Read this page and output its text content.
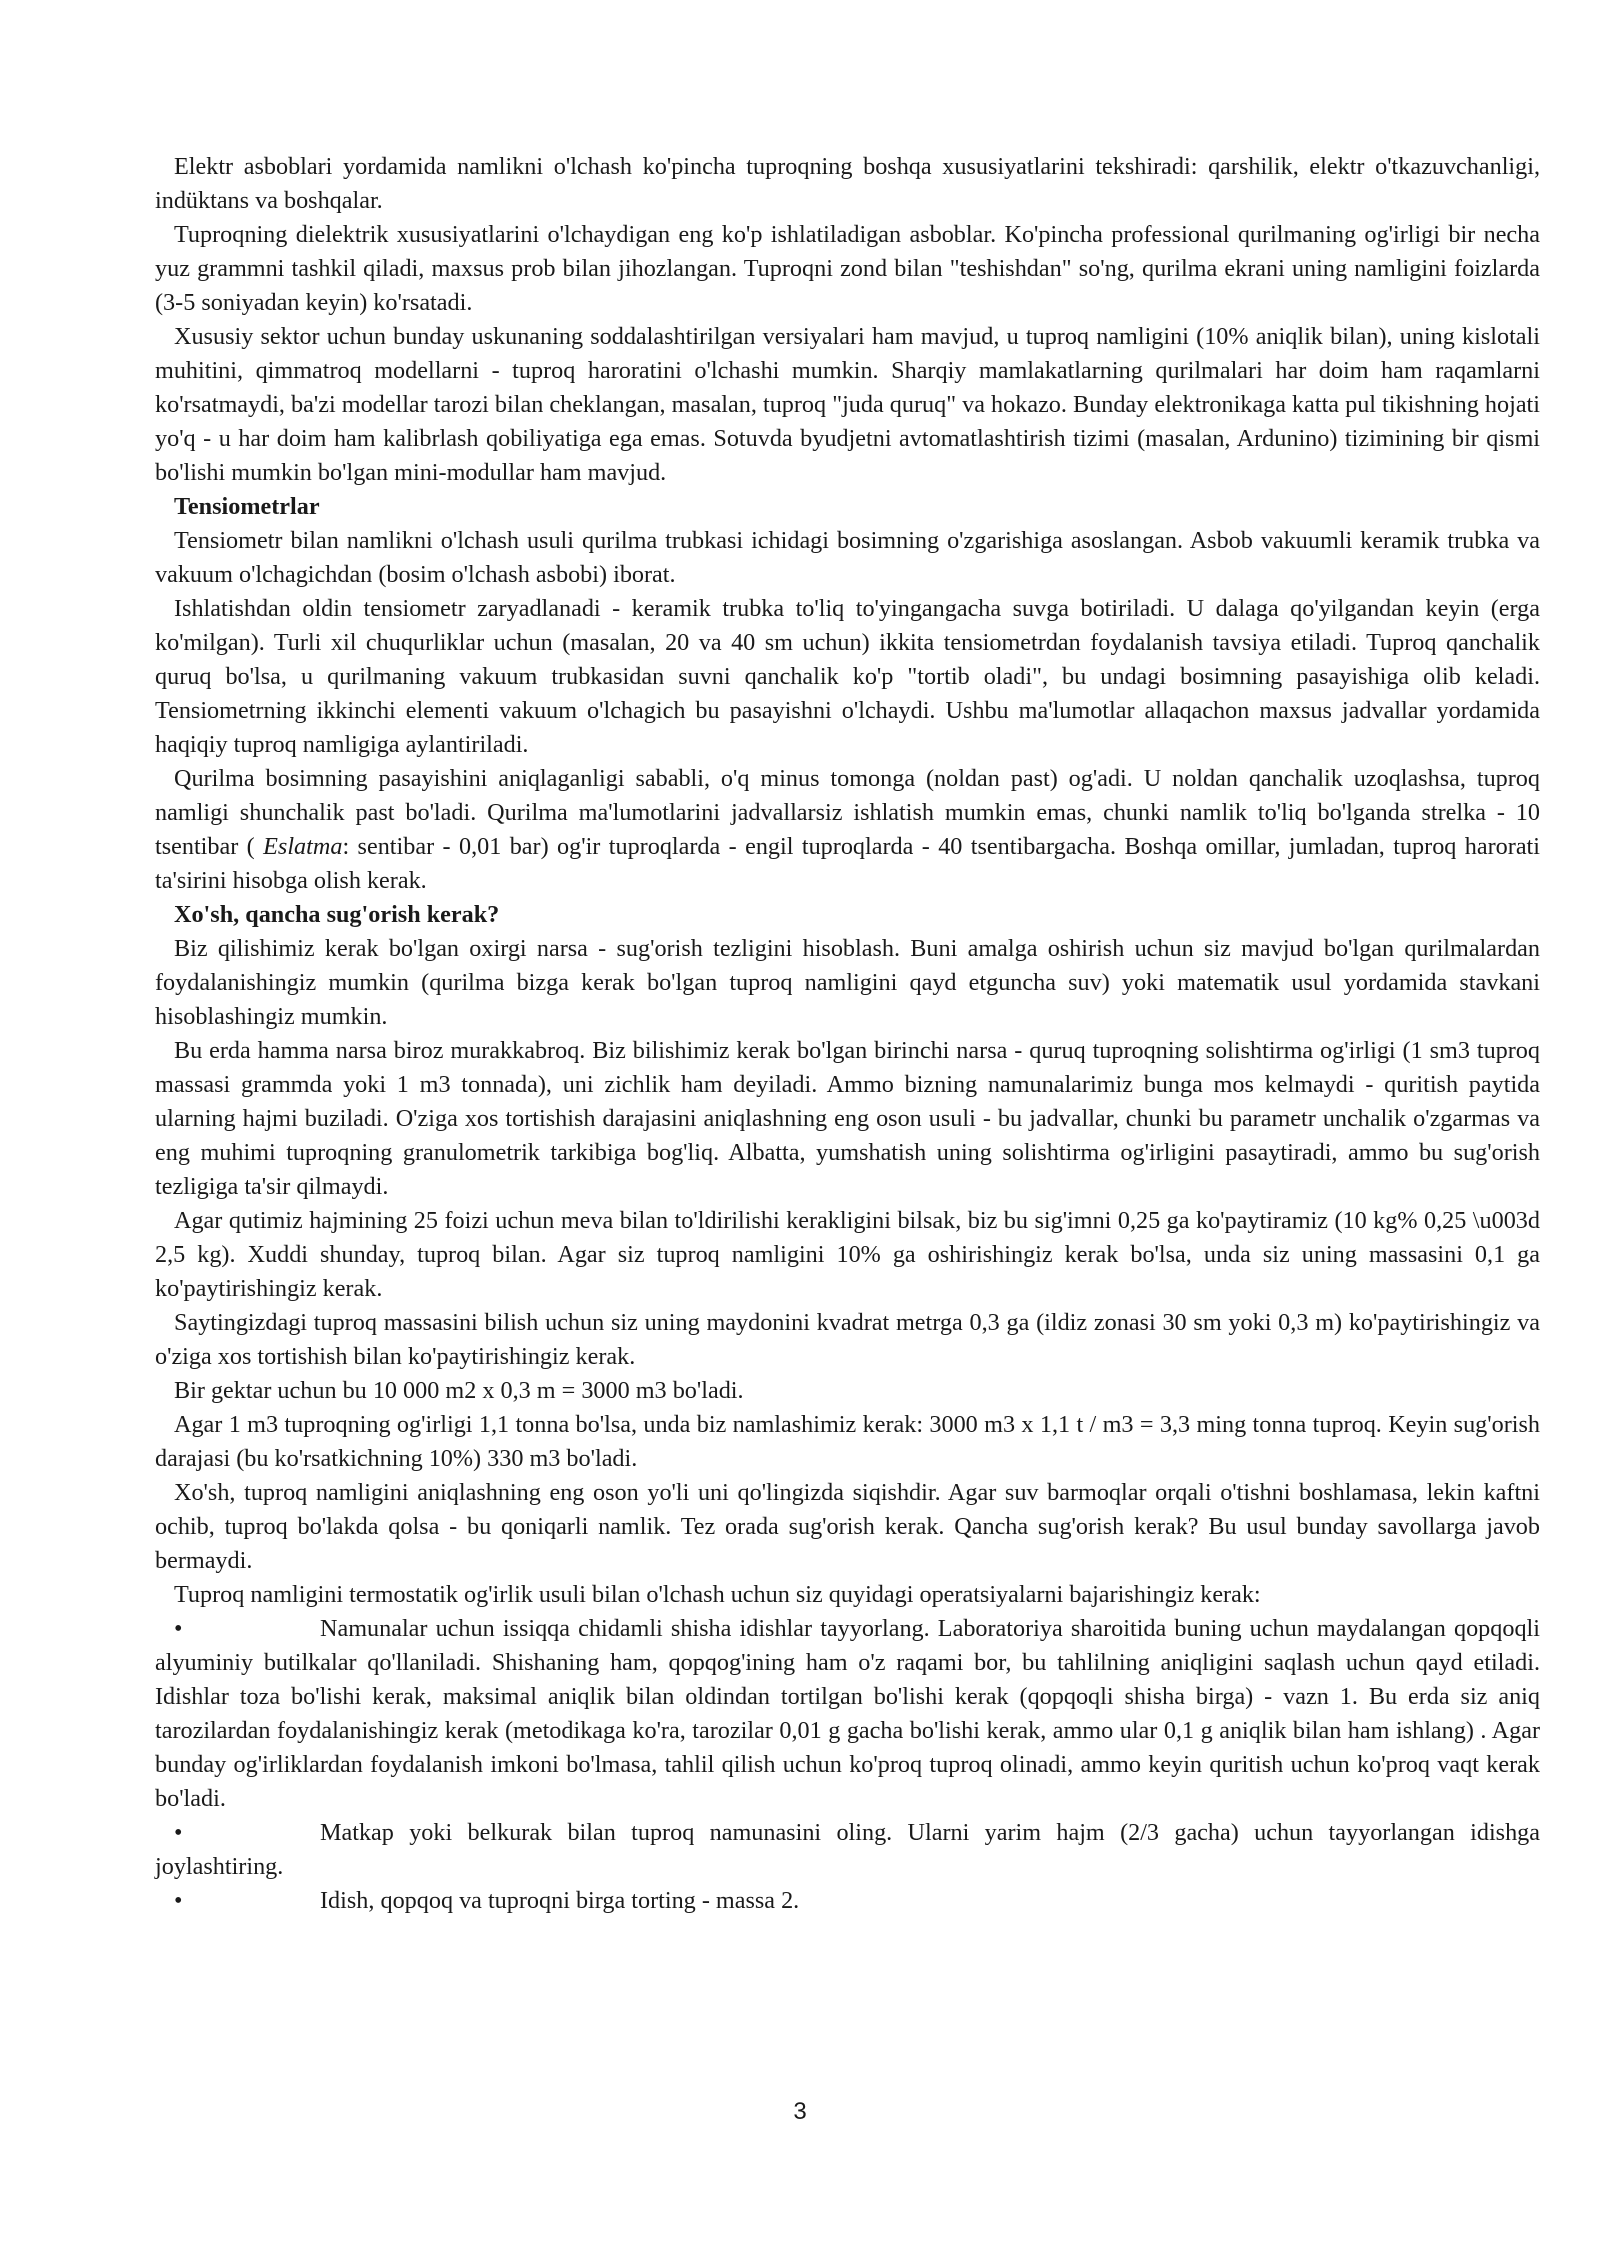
Elektr asboblari yordamida namlikni o'lchash ko'pincha tuproqning boshqa xususiyatlarini tekshiradi: qarshilik, elektr o'tkazuvchanligi, indüktans va boshqalar.

Tuproqning dielektrik xususiyatlarini o'lchaydigan eng ko'p ishlatiladigan asboblar. Ko'pincha professional qurilmaning og'irligi bir necha yuz grammni tashkil qiladi, maxsus prob bilan jihozlangan. Tuproqni zond bilan "teshishdan" so'ng, qurilma ekrani uning namligini foizlarda (3-5 soniyadan keyin) ko'rsatadi.

Xususiy sektor uchun bunday uskunaning soddalashtirilgan versiyalari ham mavjud, u tuproq namligini (10% aniqlik bilan), uning kislotali muhitini, qimmatroq modellarni - tuproq haroratini o'lchashi mumkin. Sharqiy mamlakatlarning qurilmalari har doim ham raqamlarni ko'rsatmaydi, ba'zi modellar tarozi bilan cheklangan, masalan, tuproq "juda quruq" va hokazo. Bunday elektronikaga katta pul tikishning hojati yo'q - u har doim ham kalibrlash qobiliyatiga ega emas. Sotuvda byudjetni avtomatlashtirish tizimi (masalan, Ardunino) tizimining bir qismi bo'lishi mumkin bo'lgan mini-modullar ham mavjud.

Tensiometrlar

Tensiometr bilan namlikni o'lchash usuli qurilma trubkasi ichidagi bosimning o'zgarishiga asoslangan. Asbob vakuumli keramik trubka va vakuum o'lchagichdan (bosim o'lchash asbobi) iborat.

Ishlatishdan oldin tensiometr zaryadlanadi - keramik trubka to'liq to'yingangacha suvga botiriladi. U dalaga qo'yilgandan keyin (erga ko'milgan). Turli xil chuqurliklar uchun (masalan, 20 va 40 sm uchun) ikkita tensiometrdan foydalanish tavsiya etiladi. Tuproq qanchalik quruq bo'lsa, u qurilmaning vakuum trubkasidan suvni qanchalik ko'p "tortib oladi", bu undagi bosimning pasayishiga olib keladi. Tensiometrning ikkinchi elementi vakuum o'lchagich bu pasayishni o'lchaydi. Ushbu ma'lumotlar allaqachon maxsus jadvallar yordamida haqiqiy tuproq namligiga aylantiriladi.

Qurilma bosimning pasayishini aniqlaganligi sababli, o'q minus tomonga (noldan past) og'adi. U noldan qanchalik uzoqlashsa, tuproq namligi shunchalik past bo'ladi. Qurilma ma'lumotlarini jadvallarsiz ishlatish mumkin emas, chunki namlik to'liq bo'lganda strelka - 10 tsentibar ( Eslatma: sentibar - 0,01 bar) og'ir tuproqlarda - engil tuproqlarda - 40 tsentibargacha. Boshqa omillar, jumladan, tuproq harorati ta'sirini hisobga olish kerak.

Xo'sh, qancha sug'orish kerak?

Biz qilishimiz kerak bo'lgan oxirgi narsa - sug'orish tezligini hisoblash. Buni amalga oshirish uchun siz mavjud bo'lgan qurilmalardan foydalanishingiz mumkin (qurilma bizga kerak bo'lgan tuproq namligini qayd etguncha suv) yoki matematik usul yordamida stavkani hisoblashingiz mumkin.

Bu erda hamma narsa biroz murakkabroq. Biz bilishimiz kerak bo'lgan birinchi narsa - quruq tuproqning solishtirma og'irligi (1 sm3 tuproq massasi grammda yoki 1 m3 tonnada), uni zichlik ham deyiladi. Ammo bizning namunalarimiz bunga mos kelmaydi - quritish paytida ularning hajmi buziladi. O'ziga xos tortishish darajasini aniqlashning eng oson usuli - bu jadvallar, chunki bu parametr unchalik o'zgarmas va eng muhimi tuproqning granulometrik tarkibiga bog'liq. Albatta, yumshatish uning solishtirma og'irligini pasaytiradi, ammo bu sug'orish tezligiga ta'sir qilmaydi.

Agar qutimiz hajmining 25 foizi uchun meva bilan to'ldirilishi kerakligini bilsak, biz bu sig'imni 0,25 ga ko'paytiramiz (10 kg% 0,25 \u003d 2,5 kg). Xuddi shunday, tuproq bilan. Agar siz tuproq namligini 10% ga oshirishingiz kerak bo'lsa, unda siz uning massasini 0,1 ga ko'paytirishingiz kerak.

Saytingizdagi tuproq massasini bilish uchun siz uning maydonini kvadrat metrga 0,3 ga (ildiz zonasi 30 sm yoki 0,3 m) ko'paytirishingiz va o'ziga xos tortishish bilan ko'paytirishingiz kerak.

Bir gektar uchun bu 10 000 m2 x 0,3 m = 3000 m3 bo'ladi.

Agar 1 m3 tuproqning og'irligi 1,1 tonna bo'lsa, unda biz namlashimiz kerak: 3000 m3 x 1,1 t / m3 = 3,3 ming tonna tuproq. Keyin sug'orish darajasi (bu ko'rsatkichning 10%) 330 m3 bo'ladi.

Xo'sh, tuproq namligini aniqlashning eng oson yo'li uni qo'lingizda siqishdir. Agar suv barmoqlar orqali o'tishni boshlamasa, lekin kaftni ochib, tuproq bo'lakda qolsa - bu qoniqarli namlik. Tez orada sug'orish kerak. Qancha sug'orish kerak? Bu usul bunday savollarga javob bermaydi.

Tuproq namligini termostatik og'irlik usuli bilan o'lchash uchun siz quyidagi operatsiyalarni bajarishingiz kerak:

•	Namunalar uchun issiqqa chidamli shisha idishlar tayyorlang. Laboratoriya sharoitida buning uchun maydalangan qopqoqli alyuminiy butilkalar qo'llaniladi. Shishaning ham, qopqog'ining ham o'z raqami bor, bu tahlilning aniqligini saqlash uchun qayd etiladi. Idishlar toza bo'lishi kerak, maksimal aniqlik bilan oldindan tortilgan bo'lishi kerak (qopqoqli shisha birga) - vazn 1. Bu erda siz aniq tarozilardan foydalanishingiz kerak (metodikaga ko'ra, tarozilar 0,01 g gacha bo'lishi kerak, ammo ular 0,1 g aniqlik bilan ham ishlang) . Agar bunday og'irliklardan foydalanish imkoni bo'lmasa, tahlil qilish uchun ko'proq tuproq olinadi, ammo keyin quritish uchun ko'proq vaqt kerak bo'ladi.

•	Matkap yoki belkurak bilan tuproq namunasini oling. Ularni yarim hajm (2/3 gacha) uchun tayyorlangan idishga joylashtiring.

•	Idish, qopqoq va tuproqni birga torting - massa 2.

3
